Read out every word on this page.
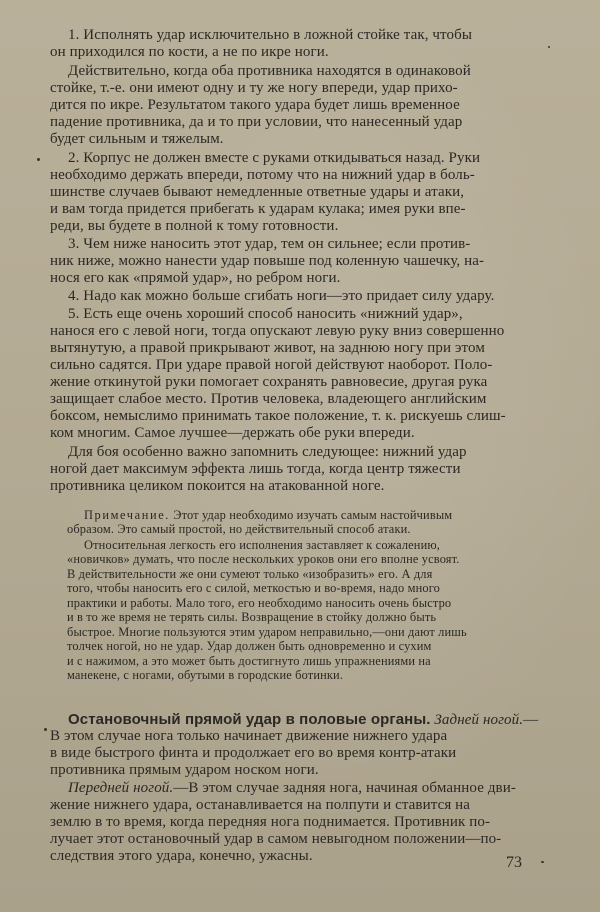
1. Исполнять удар исключительно в ложной стойке так, чтобы
он приходился по кости, а не по икре ноги.
Действительно, когда оба противника находятся в одинаковой
стойке, т.-е. они имеют одну и ту же ногу впереди, удар прихо-
дится по икре. Результатом такого удара будет лишь временное
падение противника, да и то при условии, что нанесенный удар
будет сильным и тяжелым.
2. Корпус не должен вместе с руками откидываться назад. Руки
необходимо держать впереди, потому что на нижний удар в боль-
шинстве случаев бывают немедленные ответные удары и атаки,
и вам тогда придется прибегать к ударам кулака; имея руки впе-
реди, вы будете в полной к тому готовности.
3. Чем ниже наносить этот удар, тем он сильнее; если против-
ник ниже, можно нанести удар повыше под коленную чашечку, на-
нося его как «прямой удар», но ребром ноги.
4. Надо как можно больше сгибать ноги—это придает силу удару.
5. Есть еще очень хороший способ наносить «нижний удар»,
нанося его с левой ноги, тогда опускают левую руку вниз совершенно
вытянутую, а правой прикрывают живот, на заднюю ногу при этом
сильно садятся. При ударе правой ногой действуют наоборот. Поло-
жение откинутой руки помогает сохранять равновесие, другая рука
защищает слабое место. Против человека, владеющего английским
боксом, немыслимо принимать такое положение, т. к. рискуешь слиш-
ком многим. Самое лучшее—держать обе руки впереди.
Для боя особенно важно запомнить следующее: нижний удар
ногой дает максимум эффекта лишь тогда, когда центр тяжести
противника целиком покоится на атакованной ноге.
Примечание. Этот удар необходимо изучать самым настойчивым
образом. Это самый простой, но действительный способ атаки.
Относительная легкость его исполнения заставляет к сожалению,
«новичков» думать, что после нескольких уроков они его вполне усвоят.
В действительности же они сумеют только «изобразить» его. А для
того, чтобы наносить его с силой, меткостью и во-время, надо много
практики и работы. Мало того, его необходимо наносить очень быстро
и в то же время не терять силы. Возвращение в стойку должно быть
быстрое. Многие пользуются этим ударом неправильно,—они дают лишь
толчек ногой, но не удар. Удар должен быть одновременно и сухим
и с нажимом, а это может быть достигнуто лишь упражнениями на
манекене, с ногами, обутыми в городские ботинки.
Остановочный прямой удар в половые органы. Задней ногой.—
В этом случае нога только начинает движение нижнего удара
в виде быстрого финта и продолжает его во время контр-атаки
противника прямым ударом носком ноги.
Передней ногой.—В этом случае задняя нога, начиная обманное дви-
жение нижнего удара, останавливается на полпути и ставится на
землю в то время, когда передняя нога поднимается. Противник по-
лучает этот остановочный удар в самом невыгодном положении—по-
следствия этого удара, конечно, ужасны.	73
